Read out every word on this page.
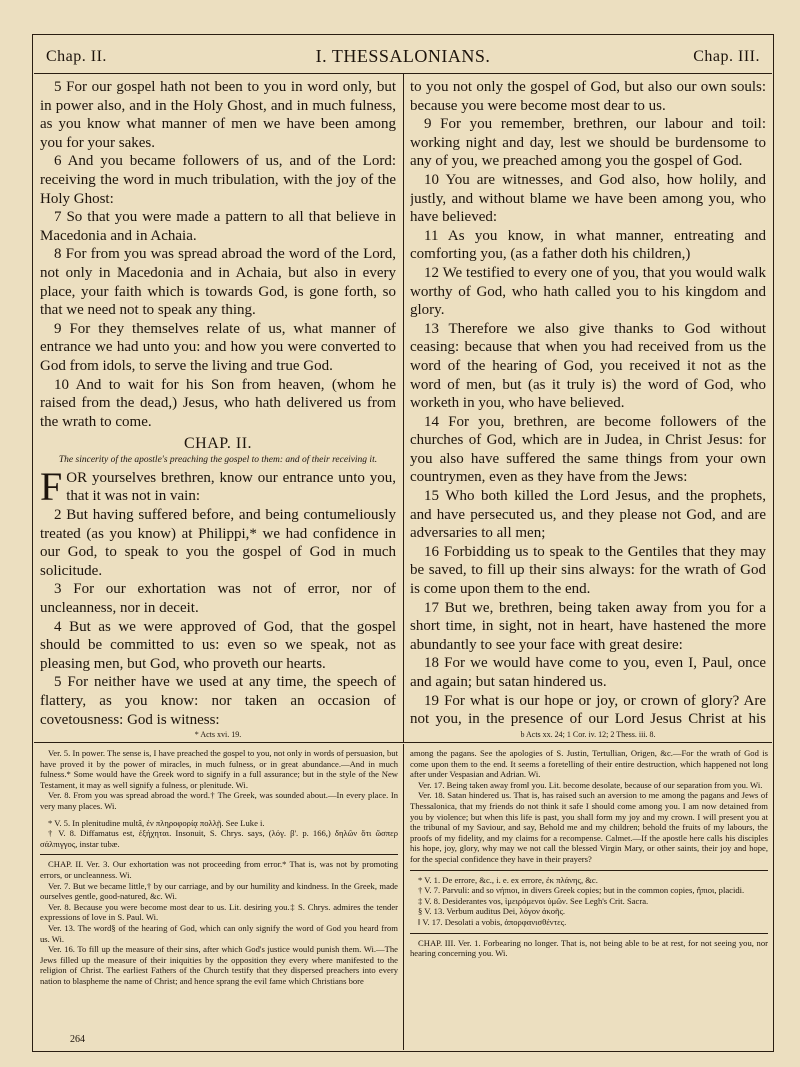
Chap. II.	I. THESSALONIANS.	Chap. III.

5 For our gospel hath not been to you in word only, but in power also, and in the Holy Ghost, and in much fulness, as you know what manner of men we have been among you for your sakes.

6 And you became followers of us, and of the Lord: receiving the word in much tribulation, with the joy of the Holy Ghost:

7 So that you were made a pattern to all that believe in Macedonia and in Achaia.

8 For from you was spread abroad the word of the Lord, not only in Macedonia and in Achaia, but also in every place, your faith which is towards God, is gone forth, so that we need not to speak any thing.

9 For they themselves relate of us, what manner of entrance we had unto you: and how you were converted to God from idols, to serve the living and true God.

10 And to wait for his Son from heaven, (whom he raised from the dead,) Jesus, who hath delivered us from the wrath to come.

CHAP. II.
The sincerity of the apostle's preaching the gospel to them: and of their receiving it.

FOR yourselves brethren, know our entrance unto you, that it was not in vain:

2 But having suffered before, and being contumeliously treated (as you know) at Philippi,* we had confidence in our God, to speak to you the gospel of God in much solicitude.

3 For our exhortation was not of error, nor of uncleanness, nor in deceit.

4 But as we were approved of God, that the gospel should be committed to us: even so we speak, not as pleasing men, but God, who proveth our hearts.

5 For neither have we used at any time, the speech of flattery, as you know: nor taken an occasion of covetousness: God is witness:

* Acts xvi. 19.

to you not only the gospel of God, but also our own souls: because you were become most dear to us.

9 For you remember, brethren, our labour and toil: working night and day, lest we should be burdensome to any of you, we preached among you the gospel of God.

10 You are witnesses, and God also, how holily, and justly, and without blame we have been among you, who have believed:

11 As you know, in what manner, entreating and comforting you, (as a father doth his children,)

12 We testified to every one of you, that you would walk worthy of God, who hath called you to his kingdom and glory.

13 Therefore we also give thanks to God without ceasing: because that when you had received from us the word of the hearing of God, you received it not as the word of men, but (as it truly is) the word of God, who worketh in you, who have believed.

14 For you, brethren, are become followers of the churches of God, which are in Judea, in Christ Jesus: for you also have suffered the same things from your own countrymen, even as they have from the Jews:

15 Who both killed the Lord Jesus, and the prophets, and have persecuted us, and they please not God, and are adversaries to all men;

16 Forbidding us to speak to the Gentiles that they may be saved, to fill up their sins always: for the wrath of God is come upon them to the end.

17 But we, brethren, being taken away from you for a short time, in sight, not in heart, have hastened the more abundantly to see your face with great desire:

18 For we would have come to you, even I, Paul, once and again; but satan hindered us.

19 For what is our hope or joy, or crown of glory? Are not you, in the presence of our Lord Jesus Christ at his

b Acts xx. 24; 1 Cor. iv. 12; 2 Thess. iii. 8.

Ver. 5. In power. The sense is, I have preached the gospel to you, not only in words of persuasion, but have proved it by the power of miracles, in much fulness, or in great abundance.—And in much fulness.* Some would have the Greek word to signify in a full assurance; but in the style of the New Testament, it may as well signify a fulness, or plenitude. Wi.

Ver. 8. From you was spread abroad the word.† The Greek, was sounded about.—In every place. In very many places. Wi.

* V. 5. In plenitudine multâ, ἐν πληροφορίᾳ πολλῇ. See Luke i.

† V. 8. Diffamatus est, ἐξήχηται. Insonuit, S. Chrys. says, (λόγ. β'. p. 166,) δηλῶν ὅτι ὥσπερ σάλπιγγος, instar tubæ.

CHAP. II. Ver. 3. Our exhortation was not proceeding from error.* That is, was not by promoting errors, or uncleanness. Wi.

Ver. 7. But we became little,† by our carriage, and by our humility and kindness. In the Greek, made ourselves gentle, good-natured, &c. Wi.

Ver. 8. Because you were become most dear to us. Lit. desiring you.‡ S. Chrys. admires the tender expressions of love in S. Paul. Wi.

Ver. 13. The word§ of the hearing of God, which can only signify the word of God you heard from us. Wi.

Ver. 16. To fill up the measure of their sins, after which God's justice would punish them. Wi.—The Jews filled up the measure of their iniquities by the opposition they every where manifested to the religion of Christ. The earliest Fathers of the Church testify that they dispersed preachers into every nation to blaspheme the name of Christ; and hence sprang the evil fame which Christians bore

among the pagans. See the apologies of S. Justin, Tertullian, Origen, &c.—For the wrath of God is come upon them to the end. It seems a foretelling of their entire destruction, which happened not long after under Vespasian and Adrian. Wi.

Ver. 17. Being taken away from‖ you. Lit. become desolate, because of our separation from you. Wi.

Ver. 18. Satan hindered us. That is, has raised such an aversion to me among the pagans and Jews of Thessalonica, that my friends do not think it safe I should come among you. I am now detained from you by violence; but when this life is past, you shall form my joy and my crown. I will present you at the tribunal of my Saviour, and say, Behold me and my children; behold the fruits of my labours, the proofs of my fidelity, and my claims for a recompense. Calmet.—If the apostle here calls his disciples his hope, joy, glory, why may we not call the blessed Virgin Mary, or other saints, their joy and hope, for the special confidence they have in their prayers?

* V. 1. De errore, &c., i. e. ex errore, ἐκ πλάνης, &c.

† V. 7. Parvuli: and so νήπιοι, in divers Greek copies; but in the common copies, ἤπιοι, placidi.

‡ V. 8. Desiderantes vos, ἱμειρόμενοι ὑμῶν. See Legh's Crit. Sacra.

§ V. 13. Verbum auditus Dei, λόγον ἀκοῆς.

‖ V. 17. Desolati a vobis, ἀπορφανισθέντες.

CHAP. III. Ver. 1. Forbearing no longer. That is, not being able to be at rest, for not seeing you, nor hearing concerning you. Wi.

264
